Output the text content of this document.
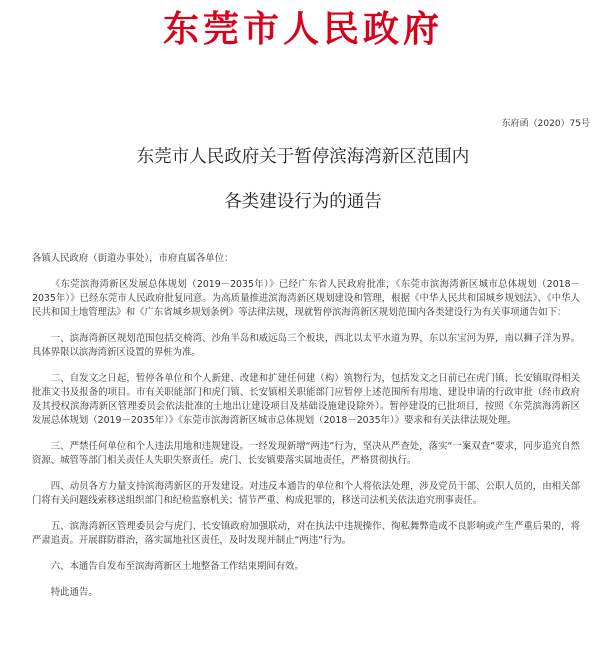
东莞市人民政府
东府函（2020）75号
东莞市人民政府关于暂停滨海湾新区范围内
各类建设行为的通告

各镇人民政府（街道办事处），市府直属各单位：

《东莞滨海湾新区发展总体规划（2019－2035年）》已经广东省人民政府批准，《东莞市滨海湾新区城市总体规划（2018－2035年）》已经东莞市人民政府批复同意。为高质量推进滨海湾新区规划建设和管理，根据《中华人民共和国城乡规划法》、《中华人民共和国土地管理法》和《广东省城乡规划条例》等法律法规，现就暂停滨海湾新区规划范围内各类建设行为有关事项通告如下：

一、滨海湾新区规划范围包括交椅湾、沙角半岛和威远岛三个板块，西北以太平水道为界，东以东宝河为界，南以狮子洋为界。具体界限以滨海湾新区设置的界桩为准。

二、自发文之日起，暂停各单位和个人新建、改建和扩建任何建（构）筑物行为，包括发文之日前已在虎门镇、长安镇取得相关批准文书及报备的项目。市有关职能部门和虎门镇、长安镇相关职能部门应暂停上述范围所有用地、建设申请的行政审批（经市政府及其授权滨海湾新区管理委员会依法批准的土地出让建设项目及基础设施建设除外）。暂停建设的已批项目，按照《东莞滨海湾新区发展总体规划（2019－2035年）》《东莞市滨海湾新区城市总体规划（2018－2035年）》要求和有关法律法规处理。

三、严禁任何单位和个人违法用地和违规建设。一经发现新增“两违”行为，坚决从严查处，落实“一案双查”要求，同步追究自然资源、城管等部门相关责任人失职失察责任。虎门、长安镇要落实属地责任，严格贯彻执行。

四、动员各方力量支持滨海湾新区的开发建设。对违反本通告的单位和个人将依法处理，涉及党员干部、公职人员的，由相关部门将有关问题线索移送组织部门和纪检监察机关；情节严重、构成犯罪的，移送司法机关依法追究刑事责任。

五、滨海湾新区管理委员会与虎门、长安镇政府加强联动，对在执法中违规操作、徇私舞弊造成不良影响或产生严重后果的，将严肃追责。开展群防群治，落实属地社区责任，及时发现并制止“两违”行为。

六、本通告自发布至滨海湾新区土地整备工作结束期间有效。

特此通告。
